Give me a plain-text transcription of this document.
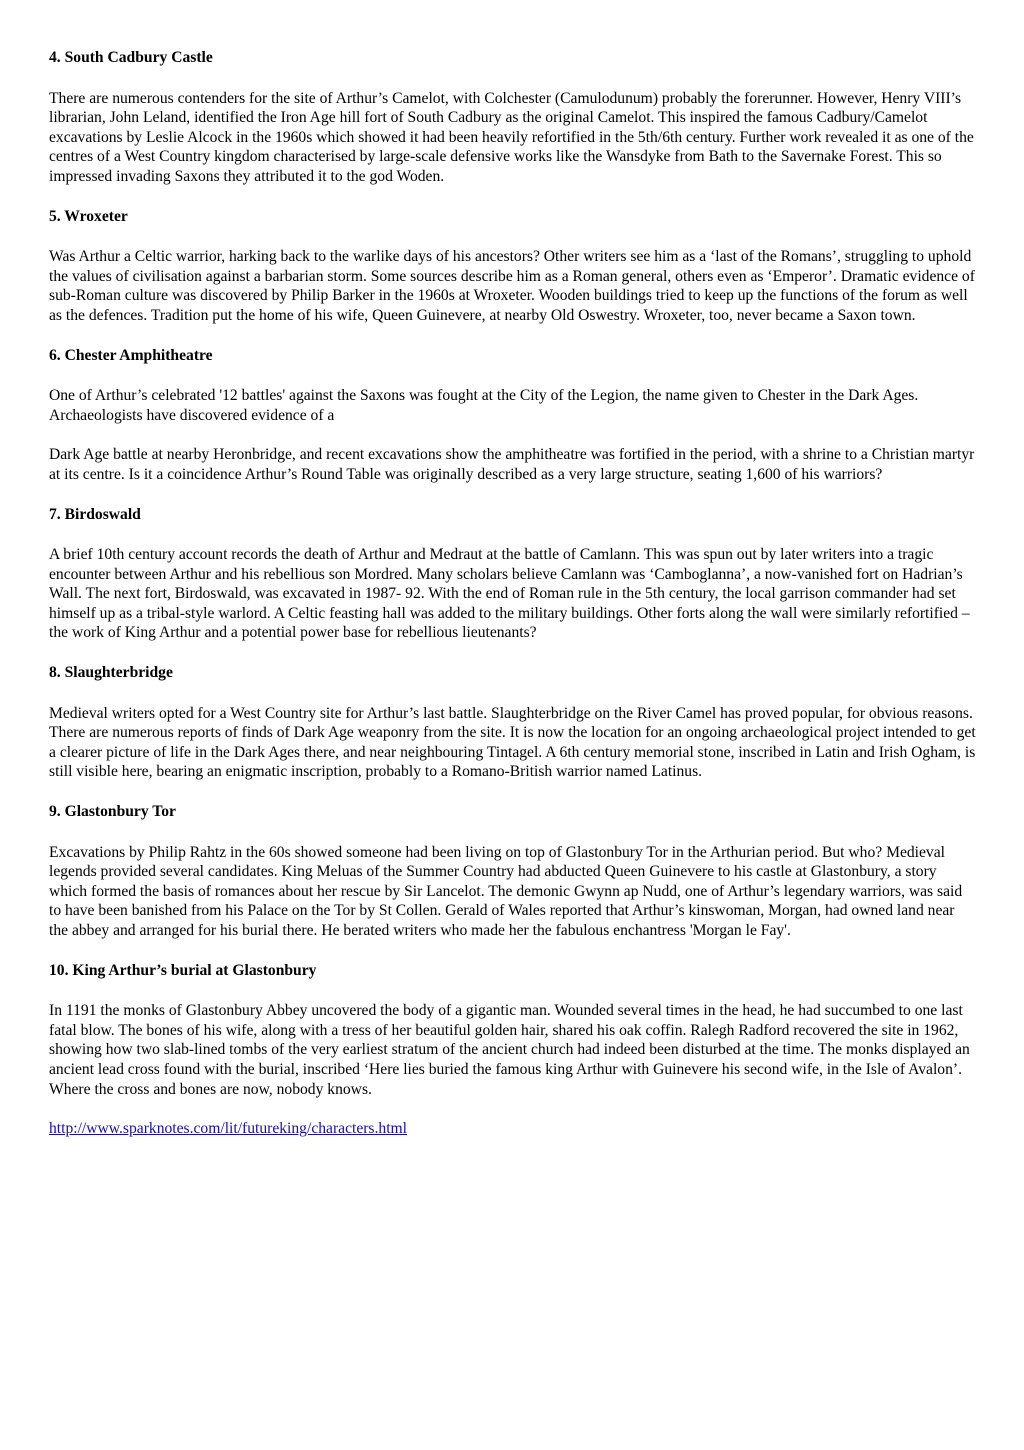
4. South Cadbury Castle
There are numerous contenders for the site of Arthur’s Camelot, with Colchester (Camulodunum) probably the forerunner. However, Henry VIII’s librarian, John Leland, identified the Iron Age hill fort of South Cadbury as the original Camelot. This inspired the famous Cadbury/Camelot excavations by Leslie Alcock in the 1960s which showed it had been heavily refortified in the 5th/6th century. Further work revealed it as one of the centres of a West Country kingdom characterised by large-scale defensive works like the Wansdyke from Bath to the Savernake Forest. This so impressed invading Saxons they attributed it to the god Woden.
5. Wroxeter
Was Arthur a Celtic warrior, harking back to the warlike days of his ancestors? Other writers see him as a ‘last of the Romans’, struggling to uphold the values of civilisation against a barbarian storm. Some sources describe him as a Roman general, others even as ‘Emperor’. Dramatic evidence of sub-Roman culture was discovered by Philip Barker in the 1960s at Wroxeter. Wooden buildings tried to keep up the functions of the forum as well as the defences. Tradition put the home of his wife, Queen Guinevere, at nearby Old Oswestry. Wroxeter, too, never became a Saxon town.
6. Chester Amphitheatre
One of Arthur’s celebrated '12 battles' against the Saxons was fought at the City of the Legion, the name given to Chester in the Dark Ages. Archaeologists have discovered evidence of a
Dark Age battle at nearby Heronbridge, and recent excavations show the amphitheatre was fortified in the period, with a shrine to a Christian martyr at its centre. Is it a coincidence Arthur’s Round Table was originally described as a very large structure, seating 1,600 of his warriors?
7. Birdoswald
A brief 10th century account records the death of Arthur and Medraut at the battle of Camlann. This was spun out by later writers into a tragic encounter between Arthur and his rebellious son Mordred. Many scholars believe Camlann was ‘Camboglanna’, a now-vanished fort on Hadrian’s Wall. The next fort, Birdoswald, was excavated in 1987- 92. With the end of Roman rule in the 5th century, the local garrison commander had set himself up as a tribal-style warlord. A Celtic feasting hall was added to the military buildings. Other forts along the wall were similarly refortified – the work of King Arthur and a potential power base for rebellious lieutenants?
8. Slaughterbridge
Medieval writers opted for a West Country site for Arthur’s last battle. Slaughterbridge on the River Camel has proved popular, for obvious reasons. There are numerous reports of finds of Dark Age weaponry from the site. It is now the location for an ongoing archaeological project intended to get a clearer picture of life in the Dark Ages there, and near neighbouring Tintagel. A 6th century memorial stone, inscribed in Latin and Irish Ogham, is still visible here, bearing an enigmatic inscription, probably to a Romano-British warrior named Latinus.
9. Glastonbury Tor
Excavations by Philip Rahtz in the 60s showed someone had been living on top of Glastonbury Tor in the Arthurian period. But who? Medieval legends provided several candidates. King Meluas of the Summer Country had abducted Queen Guinevere to his castle at Glastonbury, a story which formed the basis of romances about her rescue by Sir Lancelot. The demonic Gwynn ap Nudd, one of Arthur’s legendary warriors, was said to have been banished from his Palace on the Tor by St Collen. Gerald of Wales reported that Arthur’s kinswoman, Morgan, had owned land near the abbey and arranged for his burial there. He berated writers who made her the fabulous enchantress 'Morgan le Fay'.
10. King Arthur’s burial at Glastonbury
In 1191 the monks of Glastonbury Abbey uncovered the body of a gigantic man. Wounded several times in the head, he had succumbed to one last fatal blow. The bones of his wife, along with a tress of her beautiful golden hair, shared his oak coffin. Ralegh Radford recovered the site in 1962, showing how two slab-lined tombs of the very earliest stratum of the ancient church had indeed been disturbed at the time. The monks displayed an ancient lead cross found with the burial, inscribed ‘Here lies buried the famous king Arthur with Guinevere his second wife, in the Isle of Avalon’. Where the cross and bones are now, nobody knows.
http://www.sparknotes.com/lit/futureking/characters.html
